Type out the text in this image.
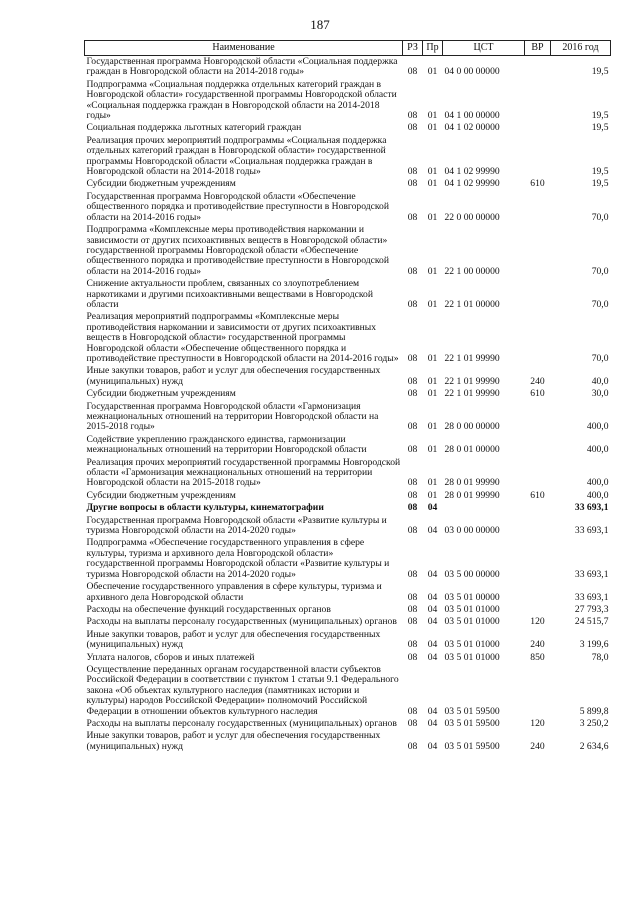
187
Наименование	РЗ	Пр	ЦСТ	ВР	2016 год
Государственная программа Новгородской области «Социальная поддержка граждан в Новгородской области на 2014-2018 годы»	08	01	04 0 00 00000		19,5
Подпрограмма «Социальная поддержка отдельных категорий граждан в Новгородской области» государственной программы Новгородской области «Социальная поддержка граждан в Новгородской области на 2014-2018 годы»	08	01	04 1 00 00000		19,5
Социальная поддержка льготных категорий граждан	08	01	04 1 02 00000		19,5
Реализация прочих мероприятий подпрограммы «Социальная поддержка отдельных категорий граждан в Новгородской области» государственной программы Новгородской области «Социальная поддержка граждан в Новгородской области на 2014-2018 годы»	08	01	04 1 02 99990		19,5
Субсидии бюджетным учреждениям	08	01	04 1 02 99990	610	19,5
Государственная программа Новгородской области «Обеспечение общественного порядка и противодействие преступности в Новгородской области на 2014-2016 годы»	08	01	22 0 00 00000		70,0
Подпрограмма «Комплексные меры противодействия наркомании и зависимости от других психоактивных веществ в Новгородской области» государственной программы Новгородской области «Обеспечение общественного порядка и противодействие преступности в Новгородской области на 2014-2016 годы»	08	01	22 1 00 00000		70,0
Снижение актуальности проблем, связанных со злоупотреблением наркотиками и другими психоактивными веществами в Новгородской области	08	01	22 1 01 00000		70,0
Реализация мероприятий подпрограммы «Комплексные меры противодействия наркомании и зависимости от других психоактивных веществ в Новгородской области» государственной программы Новгородской области «Обеспечение общественного порядка и противодействие преступности в Новгородской области на 2014-2016 годы»	08	01	22 1 01 99990		70,0
Иные закупки товаров, работ и услуг для обеспечения государственных (муниципальных) нужд	08	01	22 1 01 99990	240	40,0
Субсидии бюджетным учреждениям	08	01	22 1 01 99990	610	30,0
Государственная программа Новгородской области «Гармонизация межнациональных отношений на территории Новгородской области на 2015-2018 годы»	08	01	28 0 00 00000		400,0
Содействие укреплению гражданского единства, гармонизации межнациональных отношений на территории Новгородской области	08	01	28 0 01 00000		400,0
Реализация прочих мероприятий государственной программы Новгородской области «Гармонизация межнациональных отношений на территории Новгородской области на 2015-2018 годы»	08	01	28 0 01 99990		400,0
Субсидии бюджетным учреждениям	08	01	28 0 01 99990	610	400,0
Другие вопросы в области культуры, кинематографии	08	04			33 693,1
Государственная программа Новгородской области «Развитие культуры и туризма Новгородской области на 2014-2020 годы»	08	04	03 0 00 00000		33 693,1
Подпрограмма «Обеспечение государственного управления в сфере культуры, туризма и архивного дела Новгородской области» государственной программы Новгородской области «Развитие культуры и туризма Новгородской области на 2014-2020 годы»	08	04	03 5 00 00000		33 693,1
Обеспечение государственного управления в сфере культуры, туризма и архивного дела Новгородской области	08	04	03 5 01 00000		33 693,1
Расходы на обеспечение функций государственных органов	08	04	03 5 01 01000		27 793,3
Расходы на выплаты персоналу государственных (муниципальных) органов	08	04	03 5 01 01000	120	24 515,7
Иные закупки товаров, работ и услуг для обеспечения государственных (муниципальных) нужд	08	04	03 5 01 01000	240	3 199,6
Уплата налогов, сборов и иных платежей	08	04	03 5 01 01000	850	78,0
Осуществление переданных органам государственной власти субъектов Российской Федерации в соответствии с пунктом 1 статьи 9.1 Федерального закона «Об объектах культурного наследия (памятниках истории и культуры) народов Российской Федерации» полномочий Российской Федерации в отношении объектов культурного наследия	08	04	03 5 01 59500		5 899,8
Расходы на выплаты персоналу государственных (муниципальных) органов	08	04	03 5 01 59500	120	3 250,2
Иные закупки товаров, работ и услуг для обеспечения государственных (муниципальных) нужд	08	04	03 5 01 59500	240	2 634,6
